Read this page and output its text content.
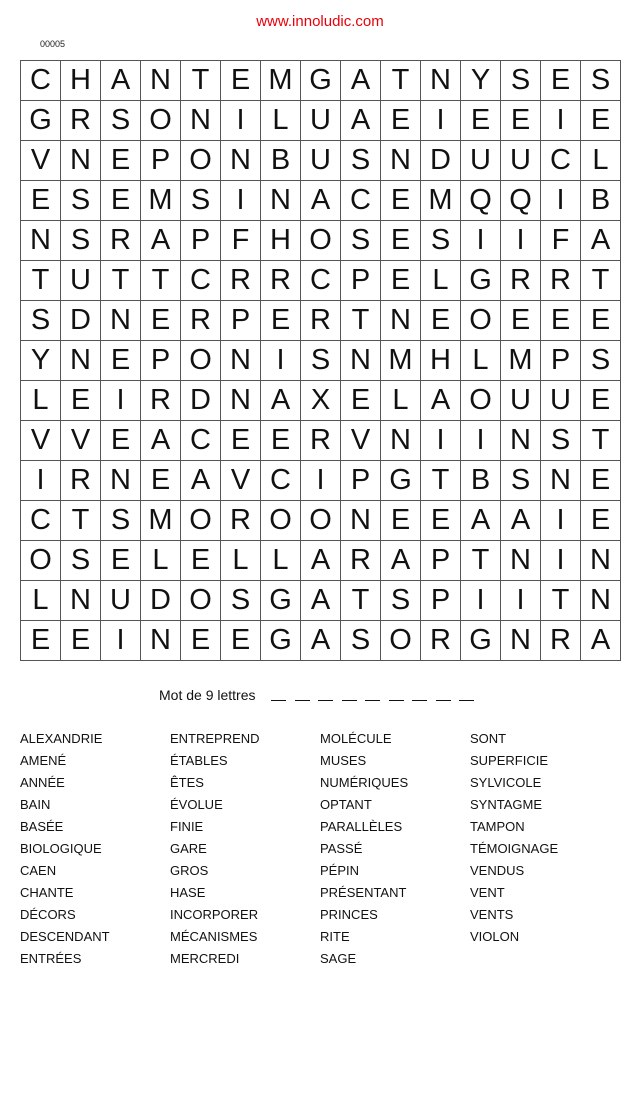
www.innoludic.com
00005
C	H	A	N	T	E	M	G	A	T	N	Y	S	E	S
G	R	S	O	N	I	L	U	A	E	I	E	E	I	E
V	N	E	P	O	N	B	U	S	N	D	U	U	C	L
E	S	E	M	S	I	N	A	C	E	M	Q	Q	I	B
N	S	R	A	P	F	H	O	S	E	S	I	I	F	A
T	U	T	T	C	R	R	C	P	E	L	G	R	R	T
S	D	N	E	R	P	E	R	T	N	E	O	E	E	E
Y	N	E	P	O	N	I	S	N	M	H	L	M	P	S
L	E	I	R	D	N	A	X	E	L	A	O	U	U	E
V	V	E	A	C	E	E	R	V	N	I	I	N	S	T
I	R	N	E	A	V	C	I	P	G	T	B	S	N	E
C	T	S	M	O	R	O	O	N	E	E	A	A	I	E
O	S	E	L	E	L	L	A	R	A	P	T	N	I	N
L	N	U	D	O	S	G	A	T	S	P	I	I	T	N
E	E	I	N	E	E	G	A	S	O	R	G	N	R	A
Mot de 9 lettres
ALEXANDRIE
AMENÉ
ANNÉE
BAIN
BASÉE
BIOLOGIQUE
CAEN
CHANTE
DÉCORS
DESCENDANT
ENTRÉES
ENTREPREND
ÉTABLES
ÊTES
ÉVOLUE
FINIE
GARE
GROS
HASE
INCORPORER
MÉCANISMES
MERCREDI
MOLÉCULE
MUSES
NUMÉRIQUES
OPTANT
PARALLÈLES
PASSÉ
PÉPIN
PRÉSENTANT
PRINCES
RITE
SAGE
SONT
SUPERFICIE
SYLVICOLE
SYNTAGME
TAMPON
TÉMOIGNAGE
VENDUS
VENT
VENTS
VIOLON
